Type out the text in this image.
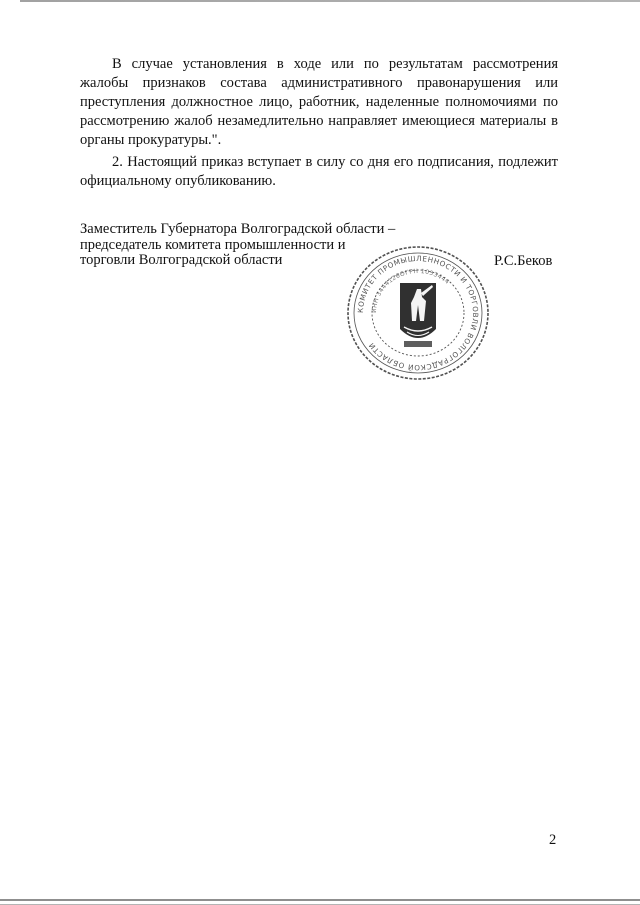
В случае установления в ходе или по результатам рассмотрения жалобы признаков состава административного правонарушения или преступления должностное лицо, работник, наделенные полномочиями по рассмотрению жалоб незамедлительно направляет имеющиеся материалы в органы прокуратуры.".

2. Настоящий приказ вступает в силу со дня его подписания, подлежит официальному опубликованию.

Заместитель Губернатора Волгоградской области –
председатель комитета промышленности и
торговли Волгоградской области	Р.С.Беков
КОМИТЕТ ПРОМЫШЛЕННОСТИ И ТОРГОВЛИ ВОЛГОГРАДСКОЙ ОБЛАСТИ
ИНН 3444126ОГРН 1053444
2
